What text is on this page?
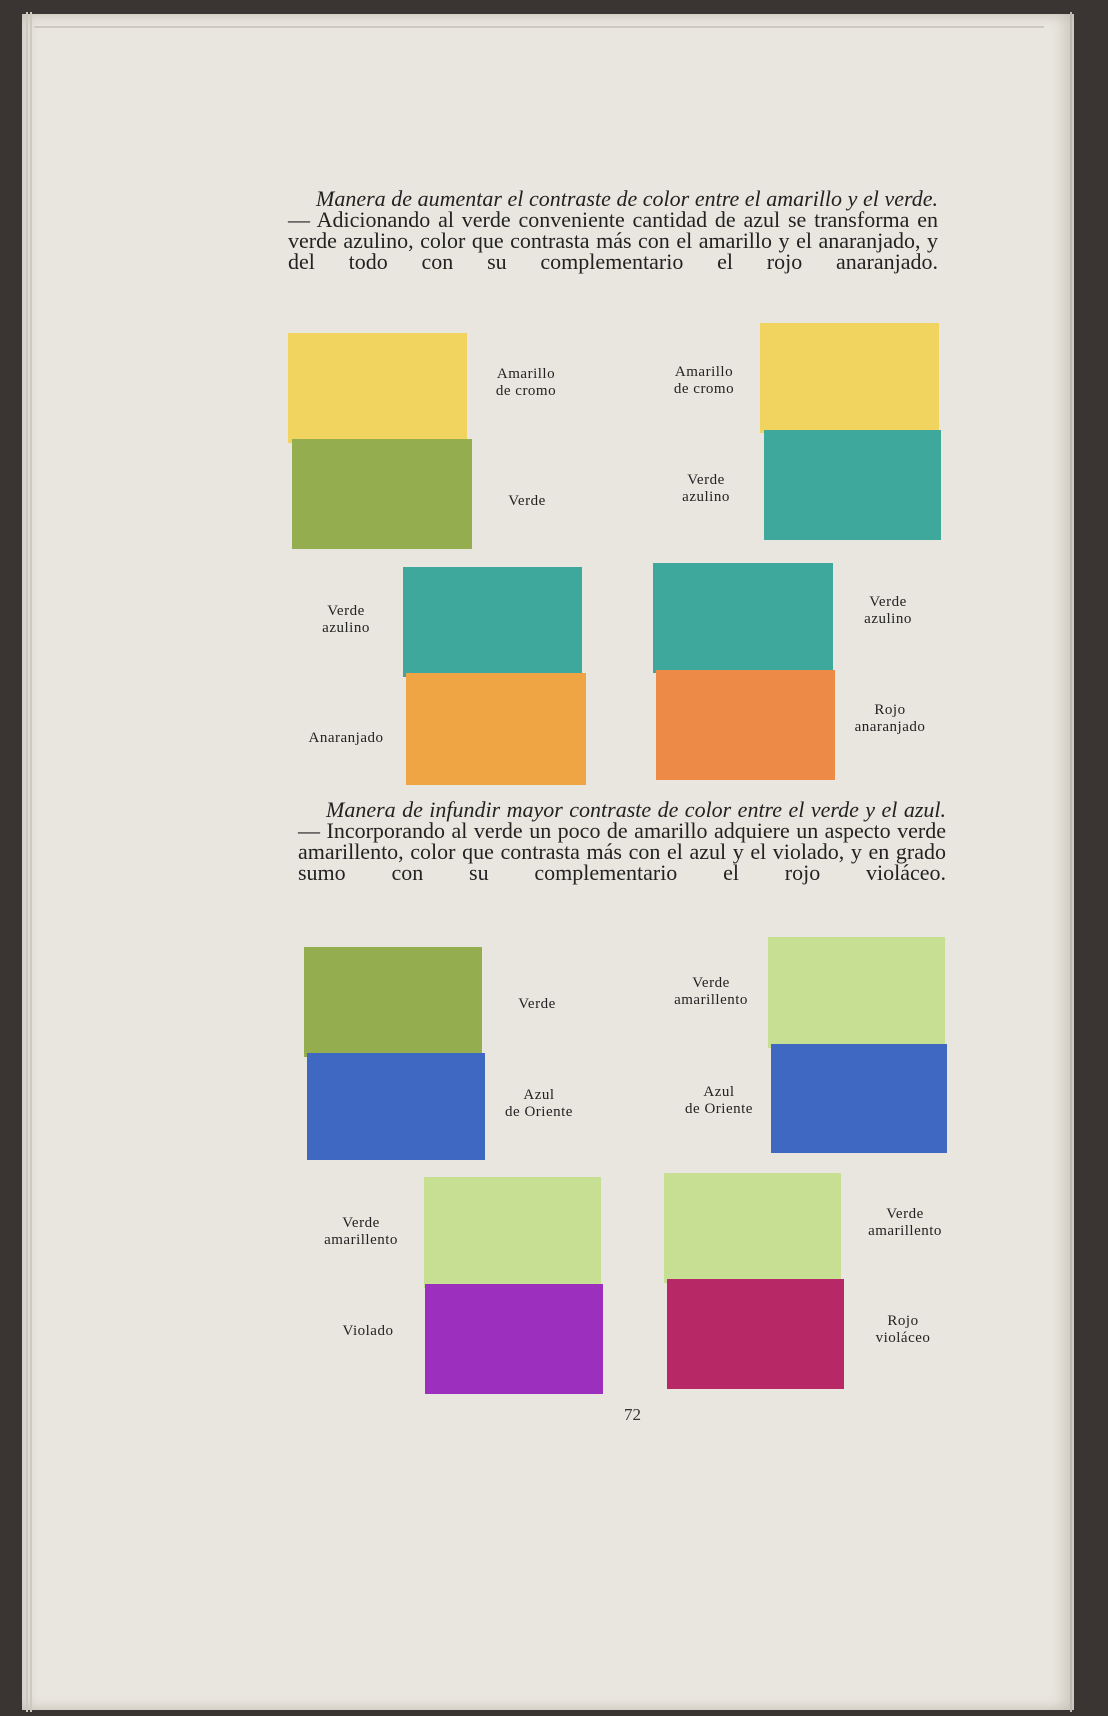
Manera de aumentar el contraste de color entre el amarillo y el verde. — Adicionando al verde conveniente cantidad de azul se transforma en verde azulino, color que contrasta más con el amarillo y el anaranjado, y del todo con su complementario el rojo anaranjado.

Amarillo
de cromo
Verde
Amarillo
de cromo
Verde
azulino
Verde
azulino
Anaranjado
Verde
azulino
Rojo
anaranjado

Manera de infundir mayor contraste de color entre el verde y el azul. — Incorporando al verde un poco de amarillo adquiere un aspecto verde amarillento, color que contrasta más con el azul y el violado, y en grado sumo con su complementario el rojo violáceo.

Verde
Azul
de Oriente
Verde
amarillento
Azul
de Oriente
Verde
amarillento
Violado
Verde
amarillento
Rojo
violáceo
72
